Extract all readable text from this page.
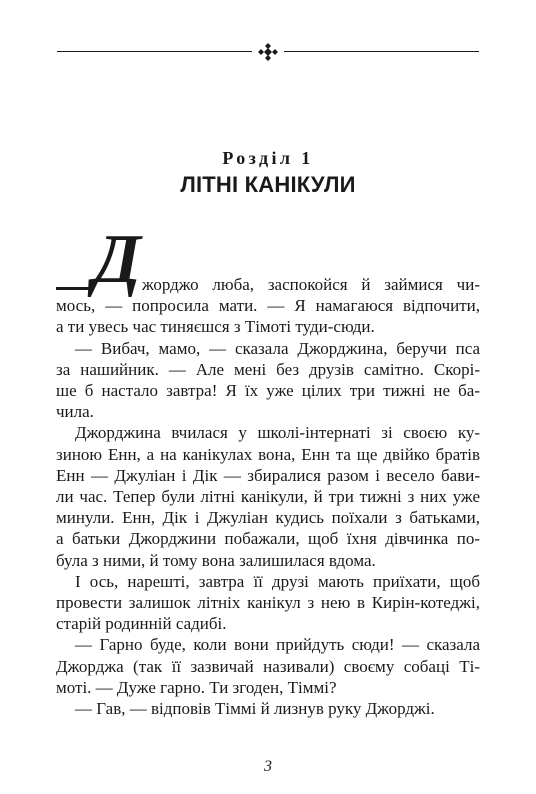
Розділ 1
ЛІТНІ КАНІКУЛИ
Д жорджо люба, заспокойся й займися чи-

мось, — попросила мати. — Я намагаюся відпочити,

а ти увесь час тиняєшся з Тімоті туди-сюди.

— Вибач, мамо, — сказала Джорджина, беручи пса

за нашийник. — Але мені без друзів самітно. Скорі-

ше б настало завтра! Я їх уже цілих три тижні не ба-

чила.

Джорджина вчилася у школі-інтернаті зі своєю ку-

зиною Енн, а на канікулах вона, Енн та ще двійко братів

Енн — Джуліан і Дік — збиралися разом і весело бави-

ли час. Тепер були літні канікули, й три тижні з них уже

минули. Енн, Дік і Джуліан кудись поїхали з батьками,

а батьки Джорджини побажали, щоб їхня дівчинка по-

була з ними, й тому вона залишилася вдома.

І ось, нарешті, завтра її друзі мають приїхати, щоб

провести залишок літніх канікул з нею в Кирін-котеджі,

старій родинній садибі.

— Гарно буде, коли вони прийдуть сюди! — сказала

Джорджа (так її зазвичай називали) своєму собаці Ті-

моті. — Дуже гарно. Ти згоден, Тіммі?

— Гав, — відповів Тіммі й лизнув руку Джорджі.

3
